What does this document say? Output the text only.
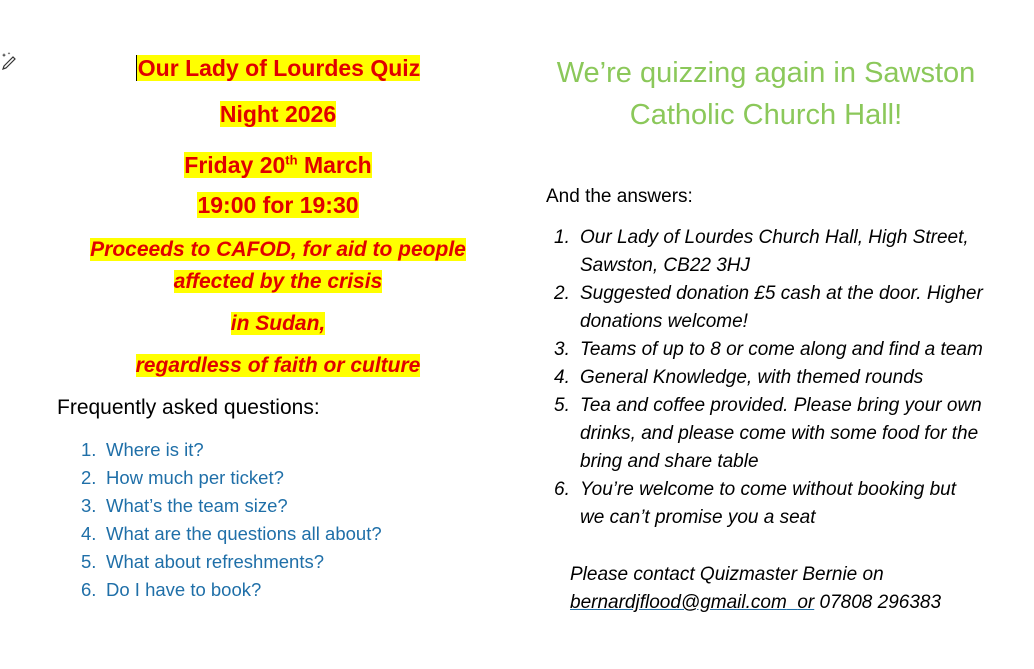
Our Lady of Lourdes Quiz
Night 2026
Friday 20th March
19:00 for 19:30
Proceeds to CAFOD, for aid to people
affected by the crisis
in Sudan,
regardless of faith or culture
Frequently asked questions:
1. Where is it?
2. How much per ticket?
3. What’s the team size?
4. What are the questions all about?
5. What about refreshments?
6. Do I have to book?
We’re quizzing again in Sawston Catholic Church Hall!
And the answers:
1. Our Lady of Lourdes Church Hall, High Street, Sawston, CB22 3HJ
2. Suggested donation £5 cash at the door. Higher donations welcome!
3. Teams of up to 8 or come along and find a team
4. General Knowledge, with themed rounds
5. Tea and coffee provided. Please bring your own drinks, and please come with some food for the bring and share table
6. You’re welcome to come without booking but we can’t promise you a seat
Please contact Quizmaster Bernie on
bernardjflood@gmail.com or 07808 296383
